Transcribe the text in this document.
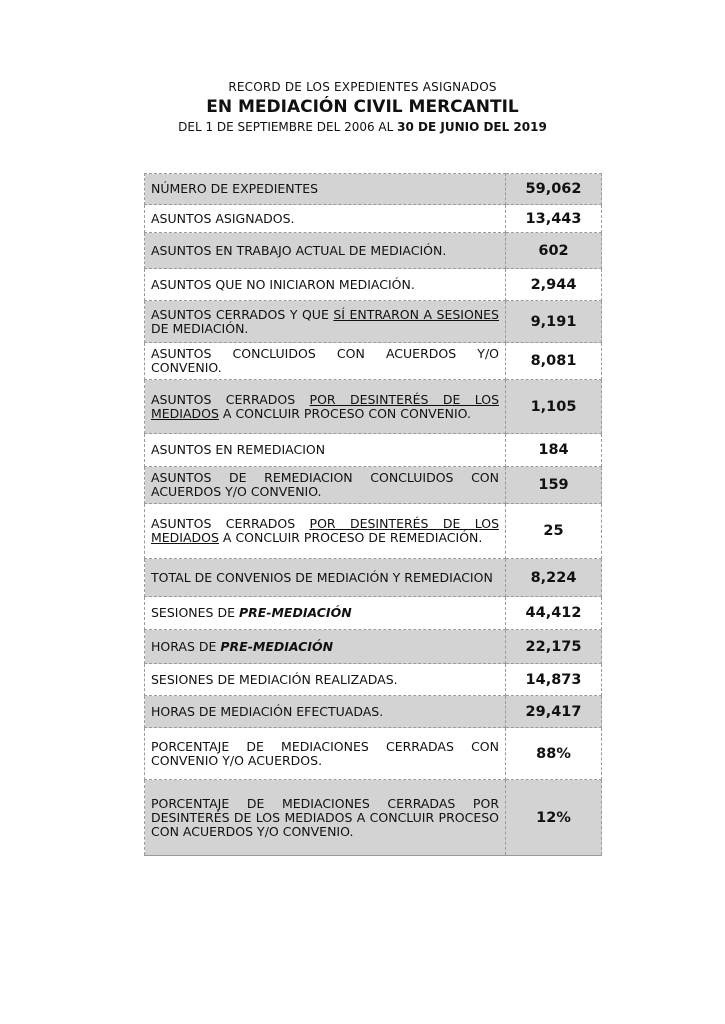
RECORD DE LOS EXPEDIENTES ASIGNADOS
EN MEDIACIÓN CIVIL MERCANTIL
DEL 1 DE SEPTIEMBRE DEL 2006 AL 30 DE JUNIO DEL 2019
NÚMERO DE EXPEDIENTES	59,062
ASUNTOS ASIGNADOS.	13,443
ASUNTOS EN TRABAJO ACTUAL DE MEDIACIÓN.	602
ASUNTOS QUE NO INICIARON MEDIACIÓN.	2,944
ASUNTOS CERRADOS Y QUE SÍ ENTRARON A SESIONES DE MEDIACIÓN.	9,191
ASUNTOS CONCLUIDOS CON ACUERDOS Y/O CONVENIO.	8,081
ASUNTOS CERRADOS POR DESINTERÉS DE LOS MEDIADOS A CONCLUIR PROCESO CON CONVENIO.	1,105
ASUNTOS EN REMEDIACION	184
ASUNTOS DE REMEDIACION CONCLUIDOS CON ACUERDOS Y/O CONVENIO.	159
ASUNTOS CERRADOS POR DESINTERÉS DE LOS MEDIADOS A CONCLUIR PROCESO DE REMEDIACIÓN.	25
TOTAL DE CONVENIOS DE MEDIACIÓN Y REMEDIACION	8,224
SESIONES DE PRE-MEDIACIÓN	44,412
HORAS DE PRE-MEDIACIÓN	22,175
SESIONES DE MEDIACIÓN REALIZADAS.	14,873
HORAS DE MEDIACIÓN EFECTUADAS.	29,417
PORCENTAJE DE MEDIACIONES CERRADAS CON CONVENIO Y/O ACUERDOS.	88%
PORCENTAJE DE MEDIACIONES CERRADAS POR DESINTERÉS DE LOS MEDIADOS A CONCLUIR PROCESO CON ACUERDOS Y/O CONVENIO.	12%
